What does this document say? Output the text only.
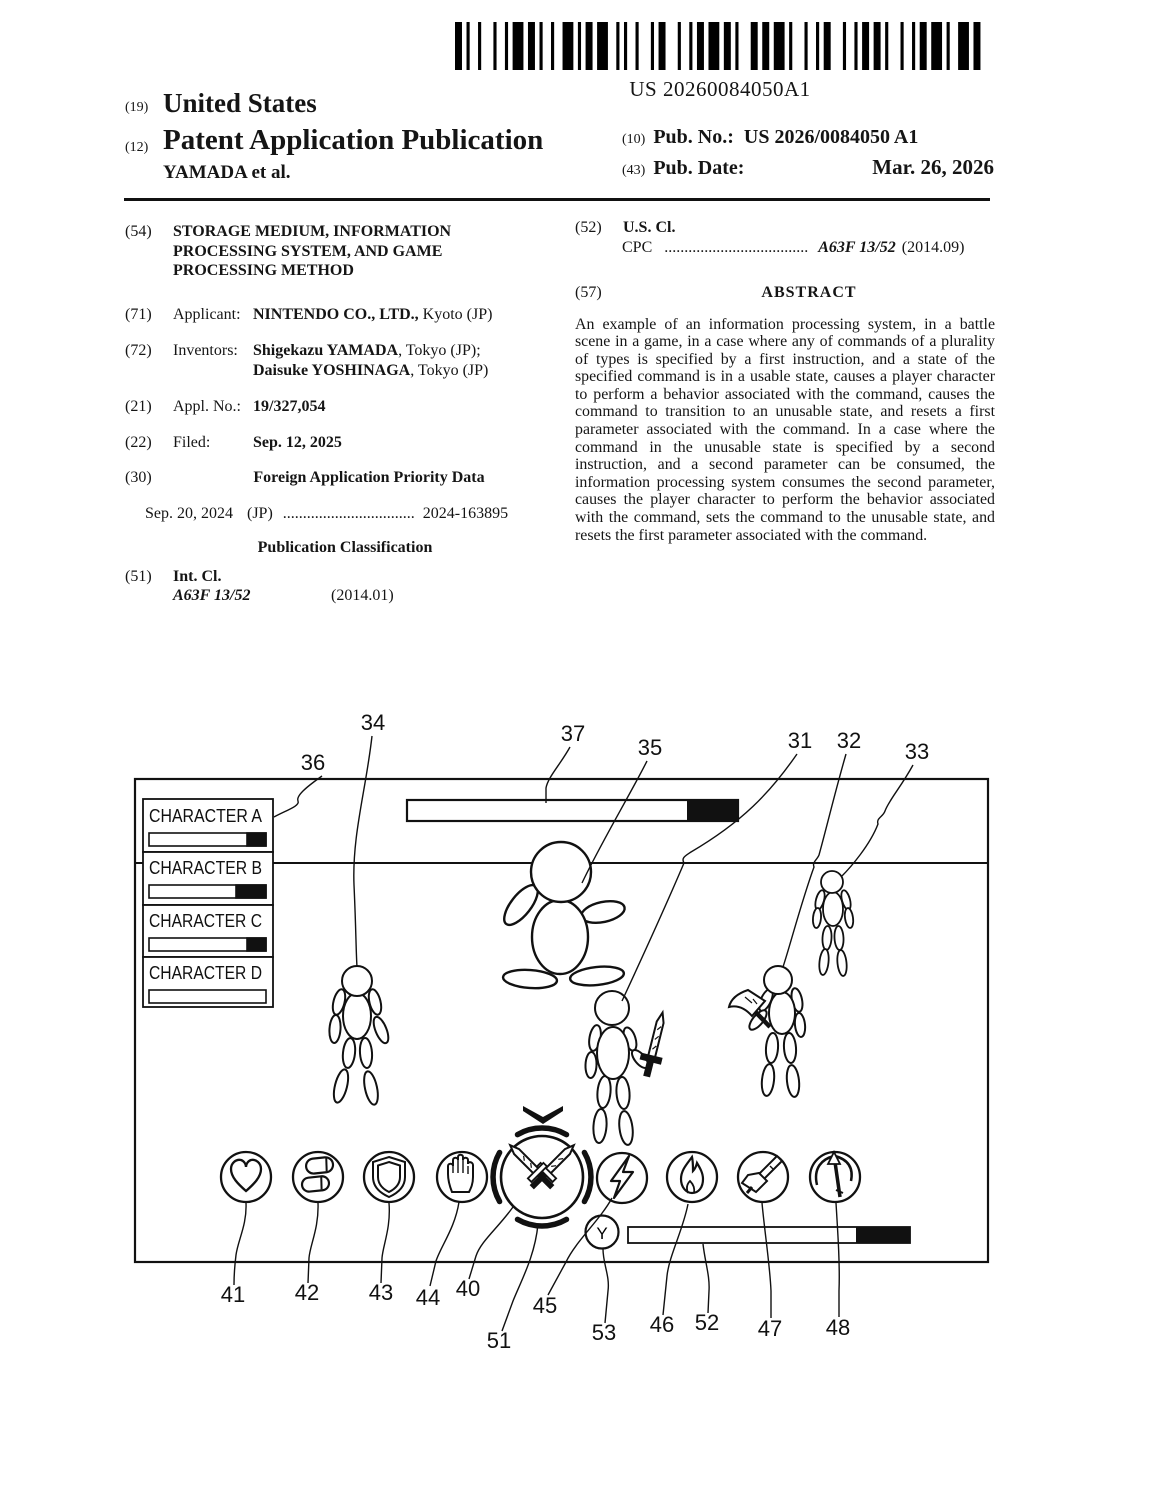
US 20260084050A1
(19) United States
(12) Patent Application Publication
YAMADA et al.
(10) Pub. No.: US 2026/0084050 A1
(43) Pub. Date:	Mar. 26, 2026
(54)	STORAGE MEDIUM, INFORMATION PROCESSING SYSTEM, AND GAME PROCESSING METHOD
(71)	Applicant: NINTENDO CO., LTD., Kyoto (JP)
(72)	Inventors: Shigekazu YAMADA, Tokyo (JP);
Daisuke YOSHINAGA, Tokyo (JP)
(21)	Appl. No.: 19/327,054
(22)	Filed:	Sep. 12, 2025
(30)	Foreign Application Priority Data
Sep. 20, 2024 (JP) ................................. 2024-163895
Publication Classification
(51)	Int. Cl.

A63F 13/52	(2014.01)
(52)	U.S. Cl.
CPC .................................... A63F 13/52 (2014.09)
(57)	ABSTRACT
An example of an information processing system, in a battle scene in a game, in a case where any of commands of a plurality of types is specified by a first instruction, and a state of the specified command is in a usable state, causes a player character to perform a behavior associated with the command, causes the command to transition to an unusable state, and resets a first parameter associated with the command. In a case where the command in the unusable state is specified by a second instruction, and a second parameter can be consumed, the information processing system consumes the second parameter, causes the player character to perform the behavior associated with the command, sets the command to the unusable state, and resets the first parameter associated with the command.
CHARACTER A
CHARACTER B
CHARACTER C
CHARACTER D
Y
36
34	37
35	31 32 33
41 42 43 44 40
45
51	53 46 52 47 48
